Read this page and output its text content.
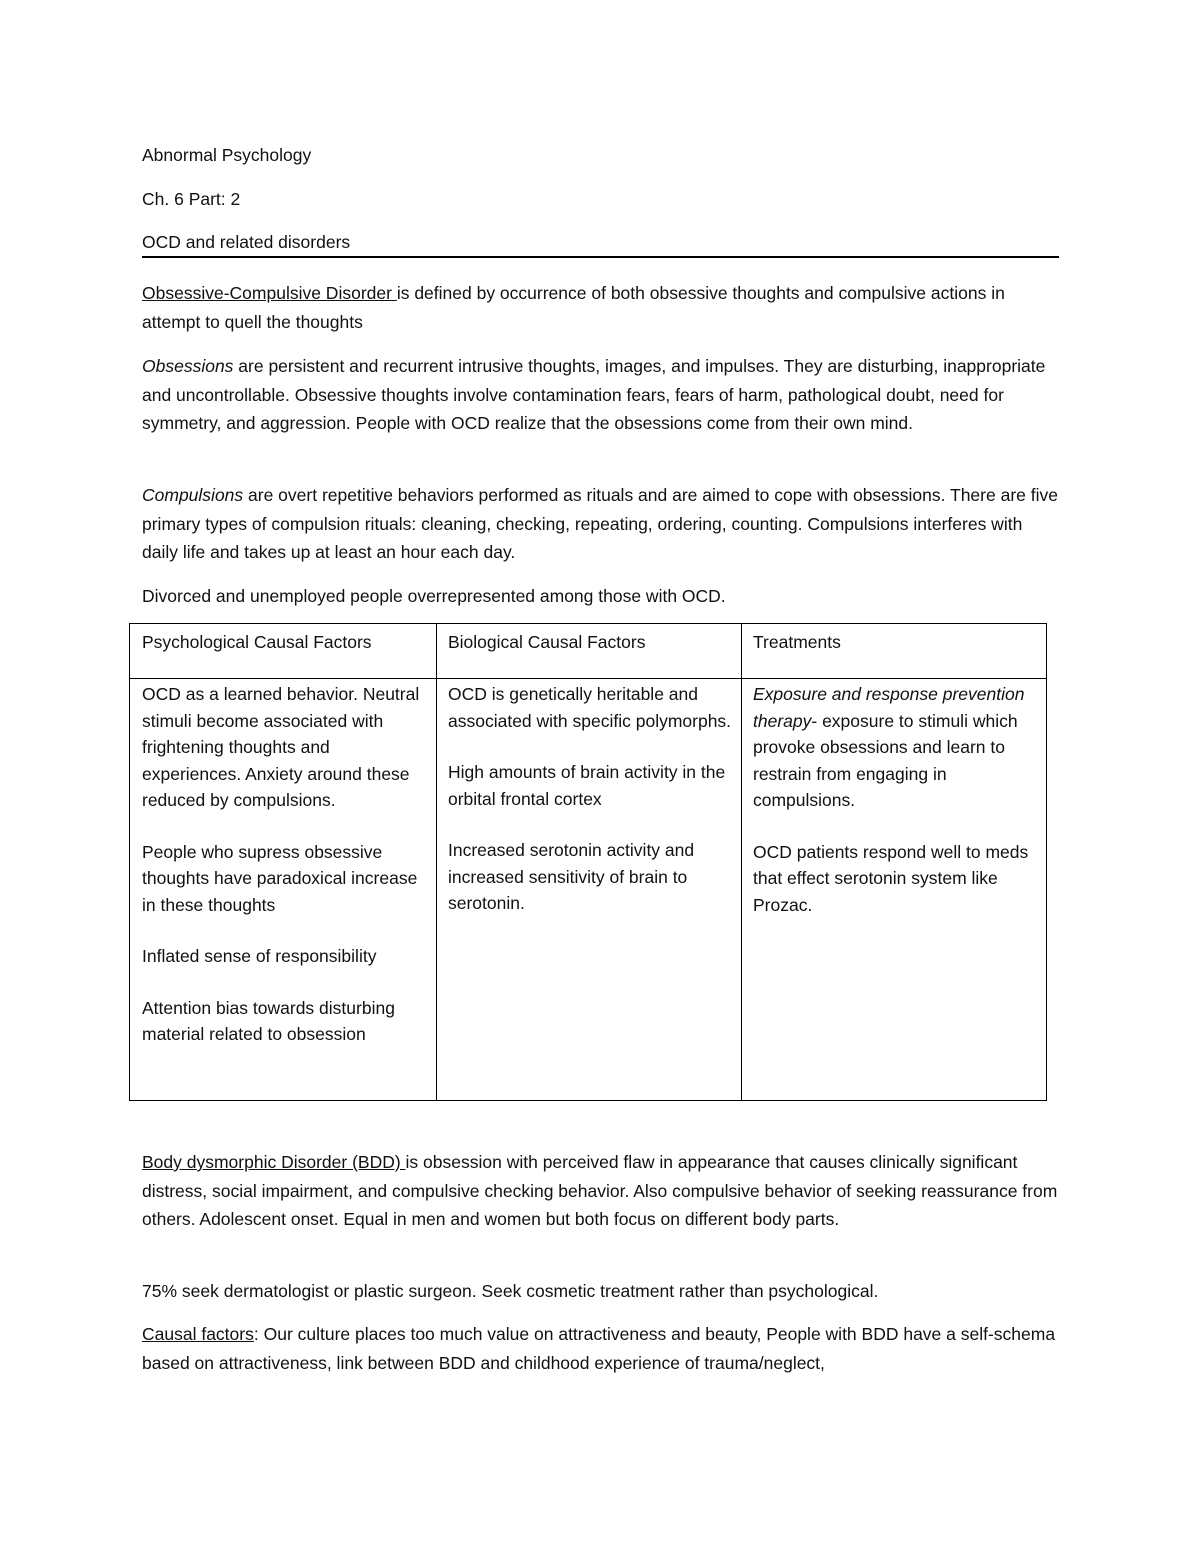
Abnormal Psychology
Ch. 6 Part: 2
OCD and related disorders
Obsessive-Compulsive Disorder is defined by occurrence of both obsessive thoughts and compulsive actions in attempt to quell the thoughts
Obsessions are persistent and recurrent intrusive thoughts, images, and impulses. They are disturbing, inappropriate and uncontrollable. Obsessive thoughts involve contamination fears, fears of harm, pathological doubt, need for symmetry, and aggression. People with OCD realize that the obsessions come from their own mind.
Compulsions are overt repetitive behaviors performed as rituals and are aimed to cope with obsessions. There are five primary types of compulsion rituals: cleaning, checking, repeating, ordering, counting. Compulsions interferes with daily life and takes up at least an hour each day.
Divorced and unemployed people overrepresented among those with OCD.
Psychological Causal Factors	Biological Causal Factors	Treatments

OCD as a learned behavior. Neutral stimuli become associated with frightening thoughts and experiences. Anxiety around these reduced by compulsions.

People who supress obsessive thoughts have paradoxical increase in these thoughts

Inflated sense of responsibility

Attention bias towards disturbing material related to obsession

OCD is genetically heritable and associated with specific polymorphs.

High amounts of brain activity in the orbital frontal cortex

Increased serotonin activity and increased sensitivity of brain to serotonin.

Exposure and response prevention therapy- exposure to stimuli which provoke obsessions and learn to restrain from engaging in compulsions.

OCD patients respond well to meds that effect serotonin system like Prozac.

Body dysmorphic Disorder (BDD) is obsession with perceived flaw in appearance that causes clinically significant distress, social impairment, and compulsive checking behavior. Also compulsive behavior of seeking reassurance from others. Adolescent onset. Equal in men and women but both focus on different body parts.
75% seek dermatologist or plastic surgeon. Seek cosmetic treatment rather than psychological.
Causal factors: Our culture places too much value on attractiveness and beauty, People with BDD have a self-schema based on attractiveness, link between BDD and childhood experience of trauma/neglect,
